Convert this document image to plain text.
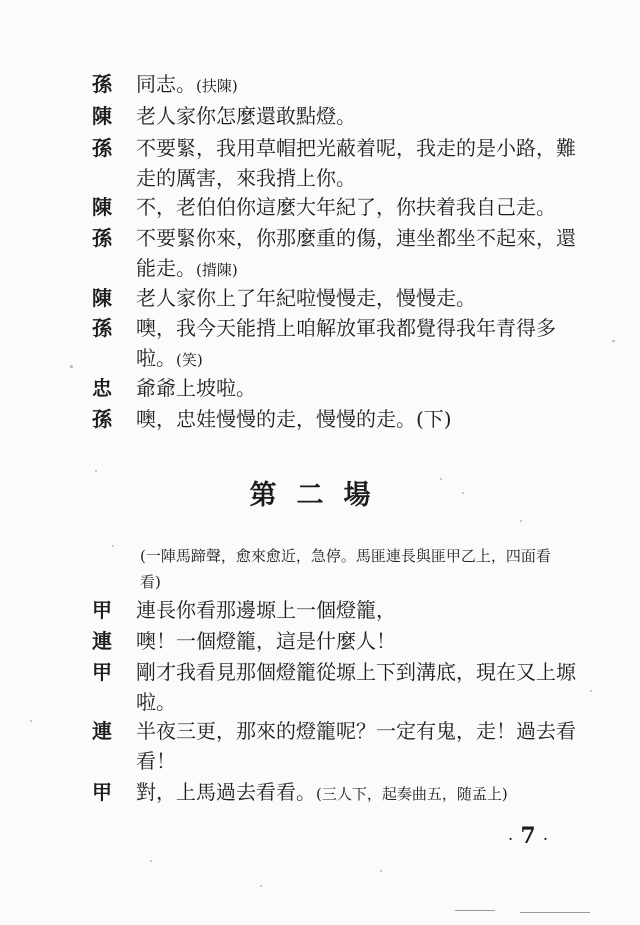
孫	同志。(扶陳)
陳	老人家你怎麼還敢點燈。
孫	不要緊，我用草帽把光蔽着呢，我走的是小路，難
走的厲害，來我揹上你。
陳	不，老伯伯你這麼大年紀了，你扶着我自己走。
孫	不要緊你來，你那麼重的傷，連坐都坐不起來，還
能走。(揹陳)
陳	老人家你上了年紀啦慢慢走，慢慢走。
孫	噢，我今天能揹上咱解放軍我都覺得我年青得多
啦。(笑)
忠	爺爺上坡啦。
孫	噢，忠娃慢慢的走，慢慢的走。(下)
第二場
(一陣馬蹄聲，愈來愈近，急停。馬匪連長與匪甲乙上，四面看
看)
甲	連長你看那邊塬上一個燈籠，
連	噢！一個燈籠，這是什麼人！
甲	剛才我看見那個燈籠從塬上下到溝底，現在又上塬
啦。
連	半夜三更，那來的燈籠呢？一定有鬼，走！過去看
看！
甲	對，上馬過去看看。(三人下，起奏曲五，随孟上)
· 7 ·
